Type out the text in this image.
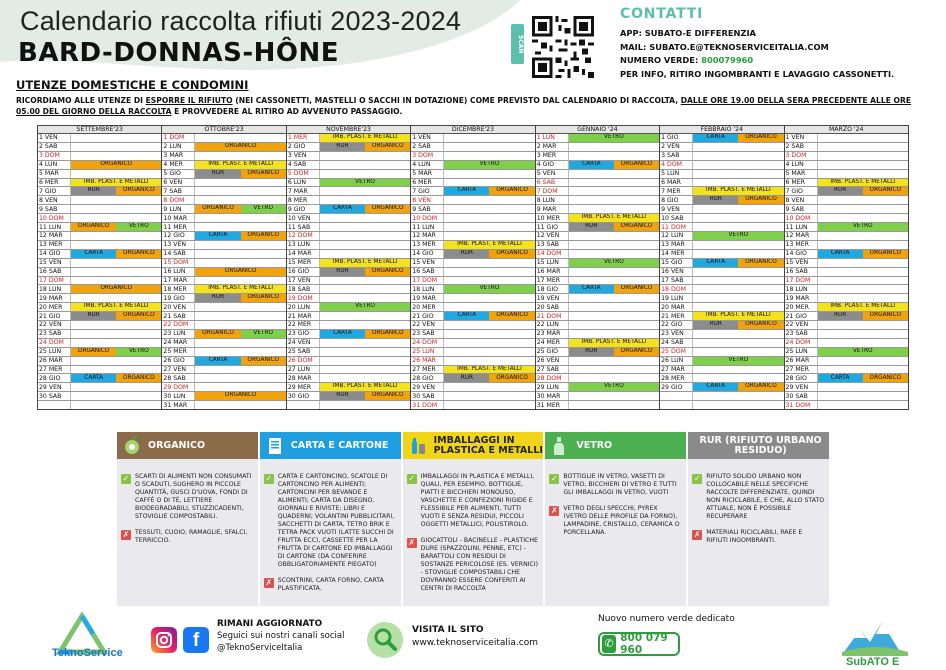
Calendario raccolta rifiuti 2023-2024
BARD-DONNAS-HÔNE
UTENZE DOMESTICHE E CONDOMINI
RICORDIAMO ALLE UTENZE DI ESPORRE IL RIFIUTO (NEI CASSONETTI, MASTELLI O SACCHI IN DOTAZIONE) COME PREVISTO DAL CALENDARIO DI RACCOLTA, DALLE ORE 19.00 DELLA SERA PRECEDENTE ALLE ORE 05.00 DEL GIORNO DELLA RACCOLTA E PROVVEDERE AL RITIRO AD AVVENUTO PASSAGGIO.
SCAN
CONTATTI
APP: SUBATO-E DIFFERENZIA
MAIL: SUBATO.E@TEKNOSERVICEITALIA.COM
NUMERO VERDE: 800079960
PER INFO, RITIRO INGOMBRANTI E LAVAGGIO CASSONETTI.
SETTEMBRE'23
1 VEN
2 SAB
3 DOM
4 LUN	ORGANICO
5 MAR
6 MER	IMB. PLAST. E METALLI
7 GIO	RUR	ORGANICO
8 VEN
9 SAB
10 DOM
11 LUN	ORGANICO	VETRO
12 MAR
13 MER
14 GIO	CARTA	ORGANICO
15 VEN
16 SAB
17 DOM
18 LUN	ORGANICO
19 MAR
20 MER	IMB. PLAST. E METALLI
21 GIO	RUR	ORGANICO
22 VEN
23 SAB
24 DOM
25 LUN	ORGANICO	VETRO
26 MAR
27 MER
28 GIO	CARTA	ORGANICO
29 VEN
30 SAB
OTTOBRE'23
1 DOM
2 LUN	ORGANICO
3 MAR
4 MER	IMB. PLAST. E METALLI
5 GIO	RUR	ORGANICO
6 VEN
7 SAB
8 DOM
9 LUN	ORGANICO	VETRO
10 MAR
11 MER
12 GIO	CARTA	ORGANICO
13 VEN
14 SAB
15 DOM
16 LUN	ORGANICO
17 MAR
18 MER	IMB. PLAST. E METALLI
19 GIO	RUR	ORGANICO
20 VEN
21 SAB
22 DOM
23 LUN	ORGANICO	VETRO
24 MAR
25 MER
26 GIO	CARTA	ORGANICO
27 VEN
28 SAB
29 DOM
30 LUN	ORGANICO
31 MAR
NOVEMBRE'23
1 MER	IMB. PLAST. E METALLI
2 GIO	RUR	ORGANICO
3 VEN
4 SAB
5 DOM
6 LUN	VETRO
7 MAR
8 MER
9 GIO	CARTA	ORGANICO
10 VEN
11 SAB
12 DOM
13 LUN
14 MAR
15 MER	IMB. PLAST. E METALLI
16 GIO	RUR	ORGANICO
17 VEN
18 SAB
19 DOM
20 LUN	VETRO
21 MAR
22 MER
23 GIO	CARTA	ORGANICO
24 VEN
25 SAB
26 DOM
27 LUN
28 MAR
29 MER	IMB. PLAST. E METALLI
30 GIO	RUR	ORGANICO
DICEMBRE'23
1 VEN
2 SAB
3 DOM
4 LUN	VETRO
5 MAR
6 MER
7 GIO	CARTA	ORGANICO
8 VEN
9 SAB
10 DOM
11 LUN
12 MAR
13 MER	IMB. PLAST. E METALLI
14 GIO	RUR	ORGANICO
15 VEN
16 SAB
17 DOM
18 LUN	VETRO
19 MAR
20 MER
21 GIO	CARTA	ORGANICO
22 VEN
23 SAB
24 DOM
25 LUN
26 MAR
27 MER	IMB. PLAST. E METALLI
28 GIO	RUR	ORGANICO
29 VEN
30 SAB
31 DOM
GENNAIO '24
1 LUN	VETRO
2 MAR
3 MER
4 GIO	CARTA	ORGANICO
5 VEN
6 SAB
7 DOM
8 LUN
9 MAR
10 MER	IMB. PLAST. E METALLI
11 GIO	RUR	ORGANICO
12 VEN
13 SAB
14 DOM
15 LUN	VETRO
16 MAR
17 MER
18 GIO	CARTA	ORGANICO
19 VEN
20 SAB
21 DOM
22 LUN
23 MAR
24 MER	IMB. PLAST. E METALLI
25 GIO	RUR	ORGANICO
26 VEN
27 SAB
28 DOM
29 LUN	VETRO
30 MAR
31 MER
FEBBRAIO '24
1 GIO	CARTA	ORGANICO
2 VEN
3 SAB
4 DOM
5 LUN
6 MAR
7 MER	IMB. PLAST. E METALLI
8 GIO	RUR	ORGANICO
9 VEN
10 SAB
11 DOM
12 LUN	VETRO
13 MAR
14 MER
15 GIO	CARTA	ORGANICO
16 VEN
17 SAB
18 DOM
19 LUN
20 MAR
21 MER	IMB. PLAST. E METALLI
22 GIO	RUR	ORGANICO
23 VEN
24 SAB
25 DOM
26 LUN	VETRO
27 MAR
28 MER
29 GIO	CARTA	ORGANICO
MARZO '24
1 VEN
2 SAB
3 DOM
4 LUN
5 MAR
6 MER	IMB. PLAST. E METALLI
7 GIO	RUR	ORGANICO
8 VEN
9 SAB
10 DOM
11 LUN	VETRO
12 MAR
13 MER
14 GIO	CARTA	ORGANICO
15 VEN
16 SAB
17 DOM
18 LUN
19 MAR
20 MER	IMB. PLAST. E METALLI
21 GIO	RUR	ORGANICO
22 VEN
23 SAB
24 DOM
25 LUN	VETRO
26 MAR
27 MER
28 GIO	CARTA	ORGANICO
29 VEN
30 SAB
31 DOM
ORGANICO
✓ SCARTI DI ALIMENTI NON CONSUMATI O SCADUTI, SUGHERO IN PICCOLE QUANTITÀ, GUSCI D'UOVA, FONDI DI CAFFÈ O DI TÈ, LETTIERE BIODEGRADABILI, STUZZICADENTI, STOVIGLIE COMPOSTABILI.
✗ TESSUTI, CUOIO, RAMAGLIE, SFALCI, TERRICCIO.
CARTA E CARTONE
✓ CARTA E CARTONCINO, SCATOLE DI CARTONCINO PER ALIMENTI; CARTONCINI PER BEVANDE E ALIMENTI; CARTA DA DISEGNO, GIORNALI E RIVISTE; LIBRI E QUADERNI; VOLANTINI PUBBLICITARI, SACCHETTI DI CARTA, TETRO BRIK E TETRA PACK VUOTI (LATTE SUCCHI DI FRUTTA ECC), CASSETTE PER LA FRUTTA DI CARTONE ED IMBALLAGGI DI CARTONE (DA CONFERIRE OBBLIGATORIAMENTE PIEGATO)
✗ SCONTRINI, CARTA FORNO, CARTA PLASTIFICATA.
IMBALLAGGI IN PLASTICA E METALLI
✓ IMBALLAGGI IN PLASTICA E METALLI, QUALI, PER ESEMPIO, BOTTIGLIE, PIATTI E BICCHIERI MONOUSO, VASCHETTE E CONFEZIONI RIGIDE E FLESSIBILE PER ALIMENTI, TUTTI VUOTI E SENZA RESIDUI, PICCOLI OGGETTI METALLICI, POLISTIROLO.
✗ GIOCATTOLI - BACINELLE - PLASTICHE DURE (SPAZZOLINI, PENNE, ETC) - BARATTOLI CON RESIDUI DI SOSTANZE PERICOLOSE (ES. VERNICI) - STOVIGLIE COMPOSTABILI CHE DOVRANNO ESSERE CONFERITI AI CENTRI DI RACCOLTA
VETRO
✓ BOTTIGLIE IN VETRO, VASETTI DI VETRO, BICCHIERI DI VETRO E TUTTI GLI IMBALLAGGI IN VETRO, VUOTI
✗ VETRO DEGLI SPECCHI, PYREX (VETRO DELLE PIROFILE DA FORNO), LAMPADINE, CRISTALLO, CERAMICA O PORCELLANA.
RUR (RIFIUTO URBANO RESIDUO)
✓ RIFIUTO SOLIDO URBANO NON COLLOCABILE NELLE SPECIFICHE RACCOLTE DIFFERENZIATE, QUINDI NON RICICLABILE, E CHE, ALLO STATO ATTUALE, NON È POSSIBILE RECUPERARE
✗ MATERIALI RICICLABILI, RAEE E RIFIUTI INGOMBRANTI.
TeknoService
f
RIMANI AGGIORNATO
Seguici sui nostri canali social
@TeknoServiceItalia
VISITA IL SITO
www.teknoserviceitalia.com
Nuovo numero verde dedicato
✆ 800 079 960
SubATO E
